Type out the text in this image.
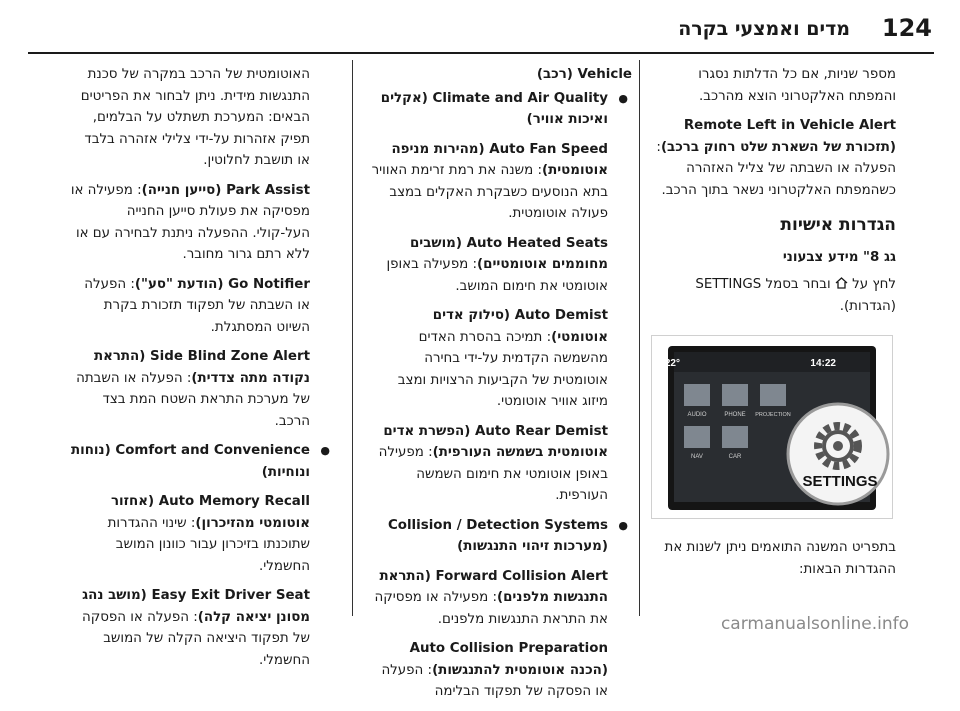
124
מדים ואמצעי בקרה

מספר שניות, אם כל הדלתות נסגרו והמפתח האלקטרוני הוצא מהרכב.

Remote Left in Vehicle Alert (תזכורת של השארת שלט רחוק ברכב): הפעלה או השבתה של צליל האזהרה כשהמפתח האלקטרוני נשאר בתוך הרכב.

הגדרות אישיות
גג 8" מידע צבעוני

לחץ על  ובחר בסמל SETTINGS (הגדרות).

22°	14:22
AUDIO	PHONE PROJECTION
NAV	CAR
SETTINGS

בתפריט המשנה התואמים ניתן לשנות את ההגדרות הבאות:

Vehicle (רכב)

● Climate and Air Quality (אקלים ואיכות אוויר)

Auto Fan Speed (מהירות מניפה אוטומטית): משנה את רמת זרימת האוויר בתא הנוסעים כשבקרת האקלים במצב פעולה אוטומטית.

Auto Heated Seats (מושבים מחוממים אוטומטיים): מפעילה באופן אוטומטי את חימום המושב.

Auto Demist (סילוק אדים אוטומטי): תמיכה בהסרת האדים מהשמשה הקדמית על-ידי בחירה אוטומטית של הקביעות הרצויות ומצב מיזוג אוויר אוטומטי.

Auto Rear Demist (הפשרת אדים אוטומטית בשמשה העורפית): מפעילה באופן אוטומטי את חימום השמשה העורפית.

● Collision / Detection Systems (מערכות זיהוי התנגשות)

Forward Collision Alert (התראת התנגשות מלפנים): מפעילה או מפסיקה את התראת התנגשות מלפנים.

Auto Collision Preparation (הכנה אוטומטית להתנגשות): הפעלה או הפסקה של תפקוד הבלימה

האוטומטית של הרכב במקרה של סכנת התנגשות מידית. ניתן לבחור את הפריטים הבאים: המערכת תשתלט על הבלמים, תפיק אזהרות על-ידי צלילי אזהרה בלבד או תושבת לחלוטין.

Park Assist (סייען חנייה): מפעילה או מפסיקה את פעולת סייען החנייה העל-קולי. ההפעלה ניתנת לבחירה עם או ללא רתם גרור מחובר.

Go Notifier (הודעת "סע"): הפעלה או השבתה של תפקוד תזכורת בקרת השיוט המסתגלת.

Side Blind Zone Alert (התראת נקודה מתה צדדית): הפעלה או השבתה של מערכת התראת השטח המת בצד הרכב.

● Comfort and Convenience (נוחות ונוחיות)

Auto Memory Recall (אחזור אוטומטי מהזיכרון): שינוי ההגדרות שתוכנתו בזיכרון עבור כוונון המושב החשמלי.

Easy Exit Driver Seat (מושב נהג מסונן יציאה קלה): הפעלה או הפסקה של תפקוד היציאה הקלה של המושב החשמלי.

carmanualsonline.info
